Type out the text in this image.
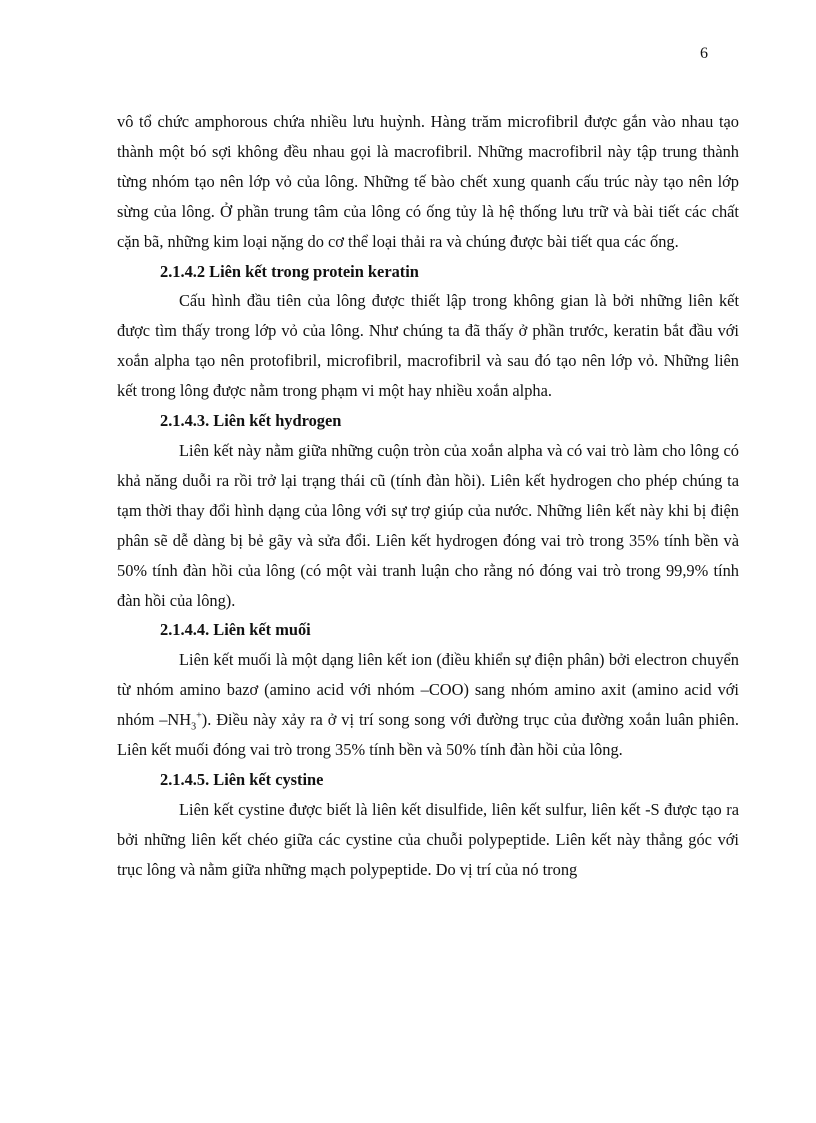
6

vô tổ chức amphorous chứa nhiều lưu huỳnh. Hàng trăm microfibril được gắn vào nhau tạo thành một bó sợi không đều nhau gọi là macrofibril. Những macrofibril này tập trung thành từng nhóm tạo nên lớp vỏ của lông. Những tế bào chết xung quanh cấu trúc này tạo nên lớp sừng của lông. Ở phần trung tâm của lông có ống tủy là hệ thống lưu trữ và bài tiết các chất cặn bã, những kim loại nặng do cơ thể loại thải ra và chúng được bài tiết qua các ống.

2.1.4.2 Liên kết trong protein keratin

Cấu hình đầu tiên của lông được thiết lập trong không gian là bởi những liên kết được tìm thấy trong lớp vỏ của lông. Như chúng ta đã thấy ở phần trước, keratin bắt đầu với xoắn alpha tạo nên protofibril, microfibril, macrofibril và sau đó tạo nên lớp vỏ. Những liên kết trong lông được nằm trong phạm vi một hay nhiều xoắn alpha.

2.1.4.3. Liên kết hydrogen

Liên kết này nằm giữa những cuộn tròn của xoắn alpha và có vai trò làm cho lông có khả năng duỗi ra rồi trở lại trạng thái cũ (tính đàn hồi). Liên kết hydrogen cho phép chúng ta tạm thời thay đổi hình dạng của lông với sự trợ giúp của nước. Những liên kết này khi bị điện phân sẽ dễ dàng bị bẻ gãy và sửa đổi. Liên kết hydrogen đóng vai trò trong 35% tính bền và 50% tính đàn hồi của lông (có một vài tranh luận cho rằng nó đóng vai trò trong 99,9% tính đàn hồi của lông).

2.1.4.4. Liên kết muối

Liên kết muối là một dạng liên kết ion (điều khiển sự điện phân) bởi electron chuyển từ nhóm amino bazơ (amino acid với nhóm –COO) sang nhóm amino axit (amino acid với nhóm $-NH_3^+$). Điều này xảy ra ở vị trí song song với đường trục của đường xoắn luân phiên. Liên kết muối đóng vai trò trong 35% tính bền và 50% tính đàn hồi của lông.

2.1.4.5. Liên kết cystine

Liên kết cystine được biết là liên kết disulfide, liên kết sulfur, liên kết -S được tạo ra bởi những liên kết chéo giữa các cystine của chuỗi polypeptide. Liên kết này thẳng góc với trục lông và nằm giữa những mạch polypeptide. Do vị trí của nó trong
